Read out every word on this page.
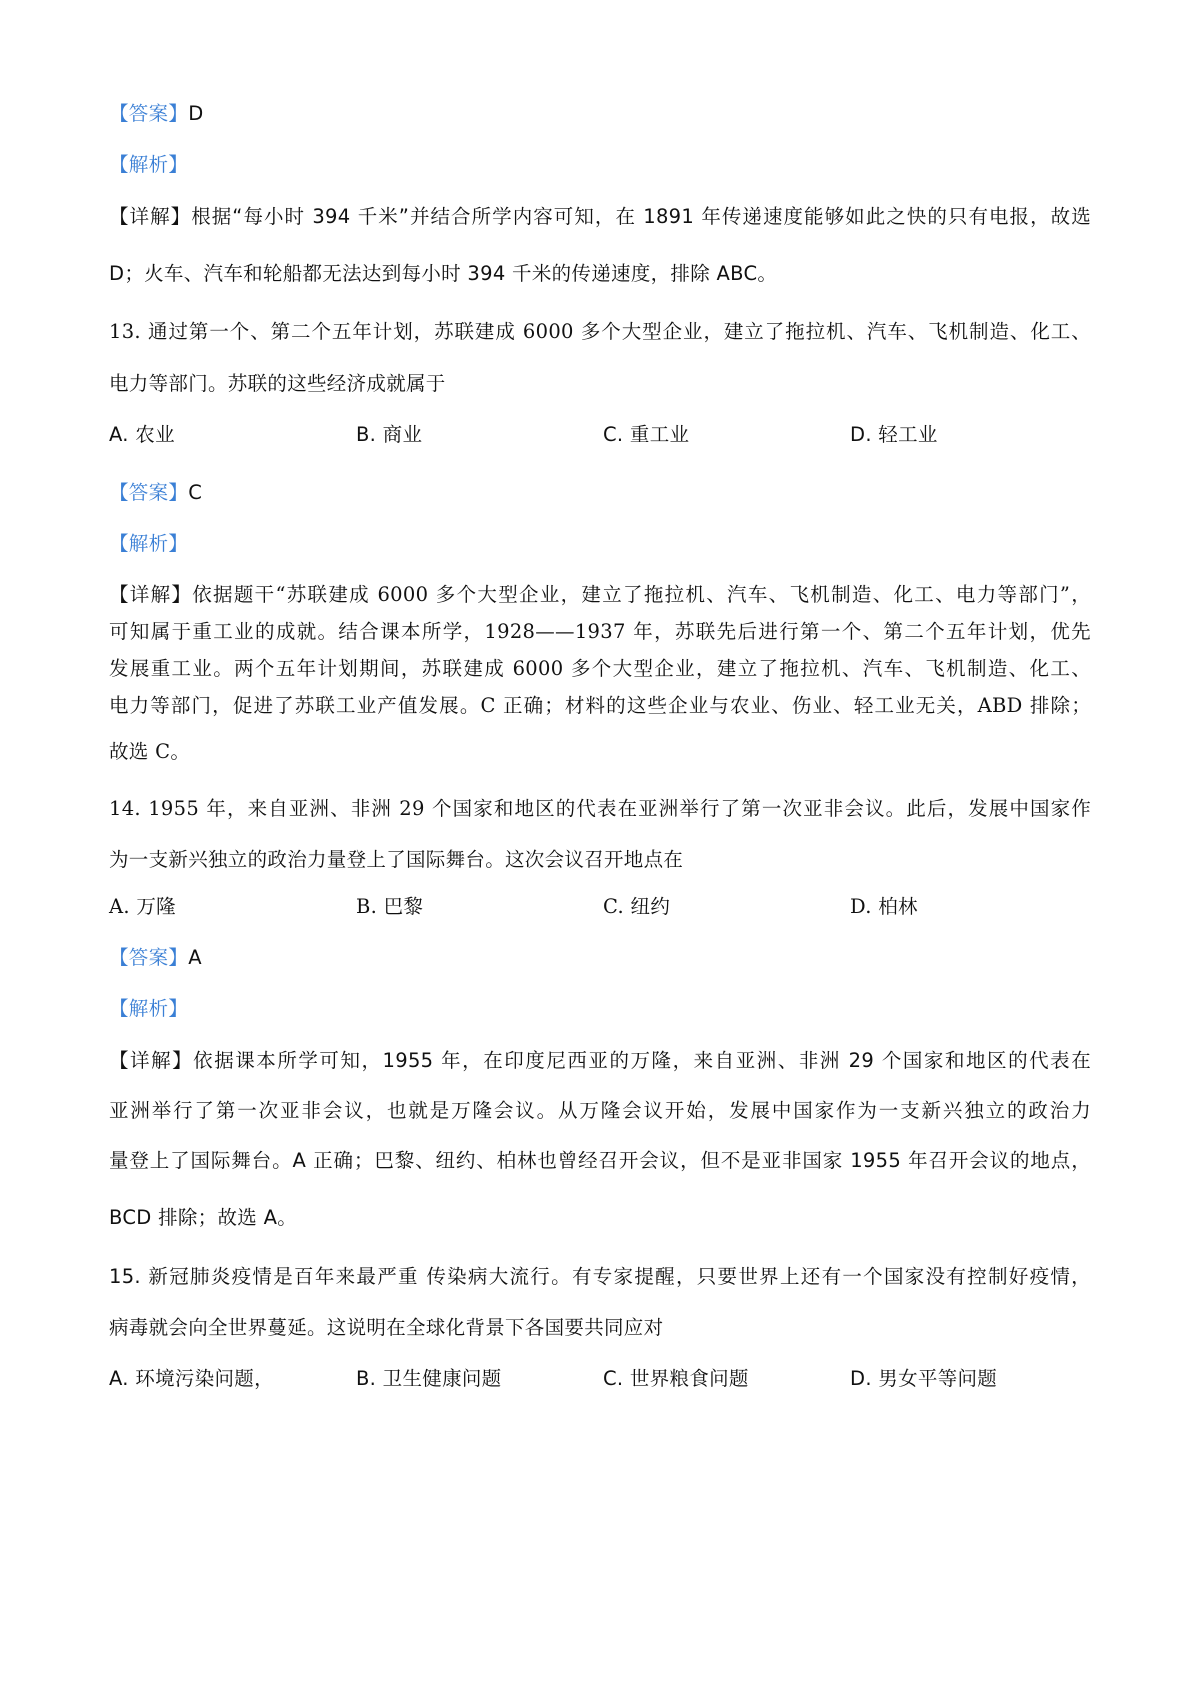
【答案】D
【解析】
【详解】根据“每小时 394 千米”并结合所学内容可知，在 1891 年传递速度能够如此之快的只有电报，故选
D；火车、汽车和轮船都无法达到每小时 394 千米的传递速度，排除 ABC。
13. 通过第一个、第二个五年计划，苏联建成 6000 多个大型企业，建立了拖拉机、汽车、飞机制造、化工、
电力等部门。苏联的这些经济成就属于
A. 农业	B. 商业	C. 重工业	D. 轻工业
【答案】C
【解析】
【详解】依据题干“苏联建成 6000 多个大型企业，建立了拖拉机、汽车、飞机制造、化工、电力等部门”，
可知属于重工业的成就。结合课本所学，1928——1937 年，苏联先后进行第一个、第二个五年计划，优先
发展重工业。两个五年计划期间，苏联建成 6000 多个大型企业，建立了拖拉机、汽车、飞机制造、化工、
电力等部门，促进了苏联工业产值发展。C 正确；材料的这些企业与农业、伤业、轻工业无关，ABD 排除；
故选 C。
14. 1955 年，来自亚洲、非洲 29 个国家和地区的代表在亚洲举行了第一次亚非会议。此后，发展中国家作
为一支新兴独立的政治力量登上了国际舞台。这次会议召开地点在
A. 万隆	B. 巴黎	C. 纽约	D. 柏林
【答案】A
【解析】
【详解】依据课本所学可知，1955 年，在印度尼西亚的万隆，来自亚洲、非洲 29 个国家和地区的代表在
亚洲举行了第一次亚非会议，也就是万隆会议。从万隆会议开始，发展中国家作为一支新兴独立的政治力
量登上了国际舞台。A 正确；巴黎、纽约、柏林也曾经召开会议，但不是亚非国家 1955 年召开会议的地点，
BCD 排除；故选 A。
15. 新冠肺炎疫情是百年来最严重 传染病大流行。有专家提醒，只要世界上还有一个国家没有控制好疫情，
病毒就会向全世界蔓延。这说明在全球化背景下各国要共同应对
A. 环境污染问题，	B. 卫生健康问题	C. 世界粮食问题	D. 男女平等问题
